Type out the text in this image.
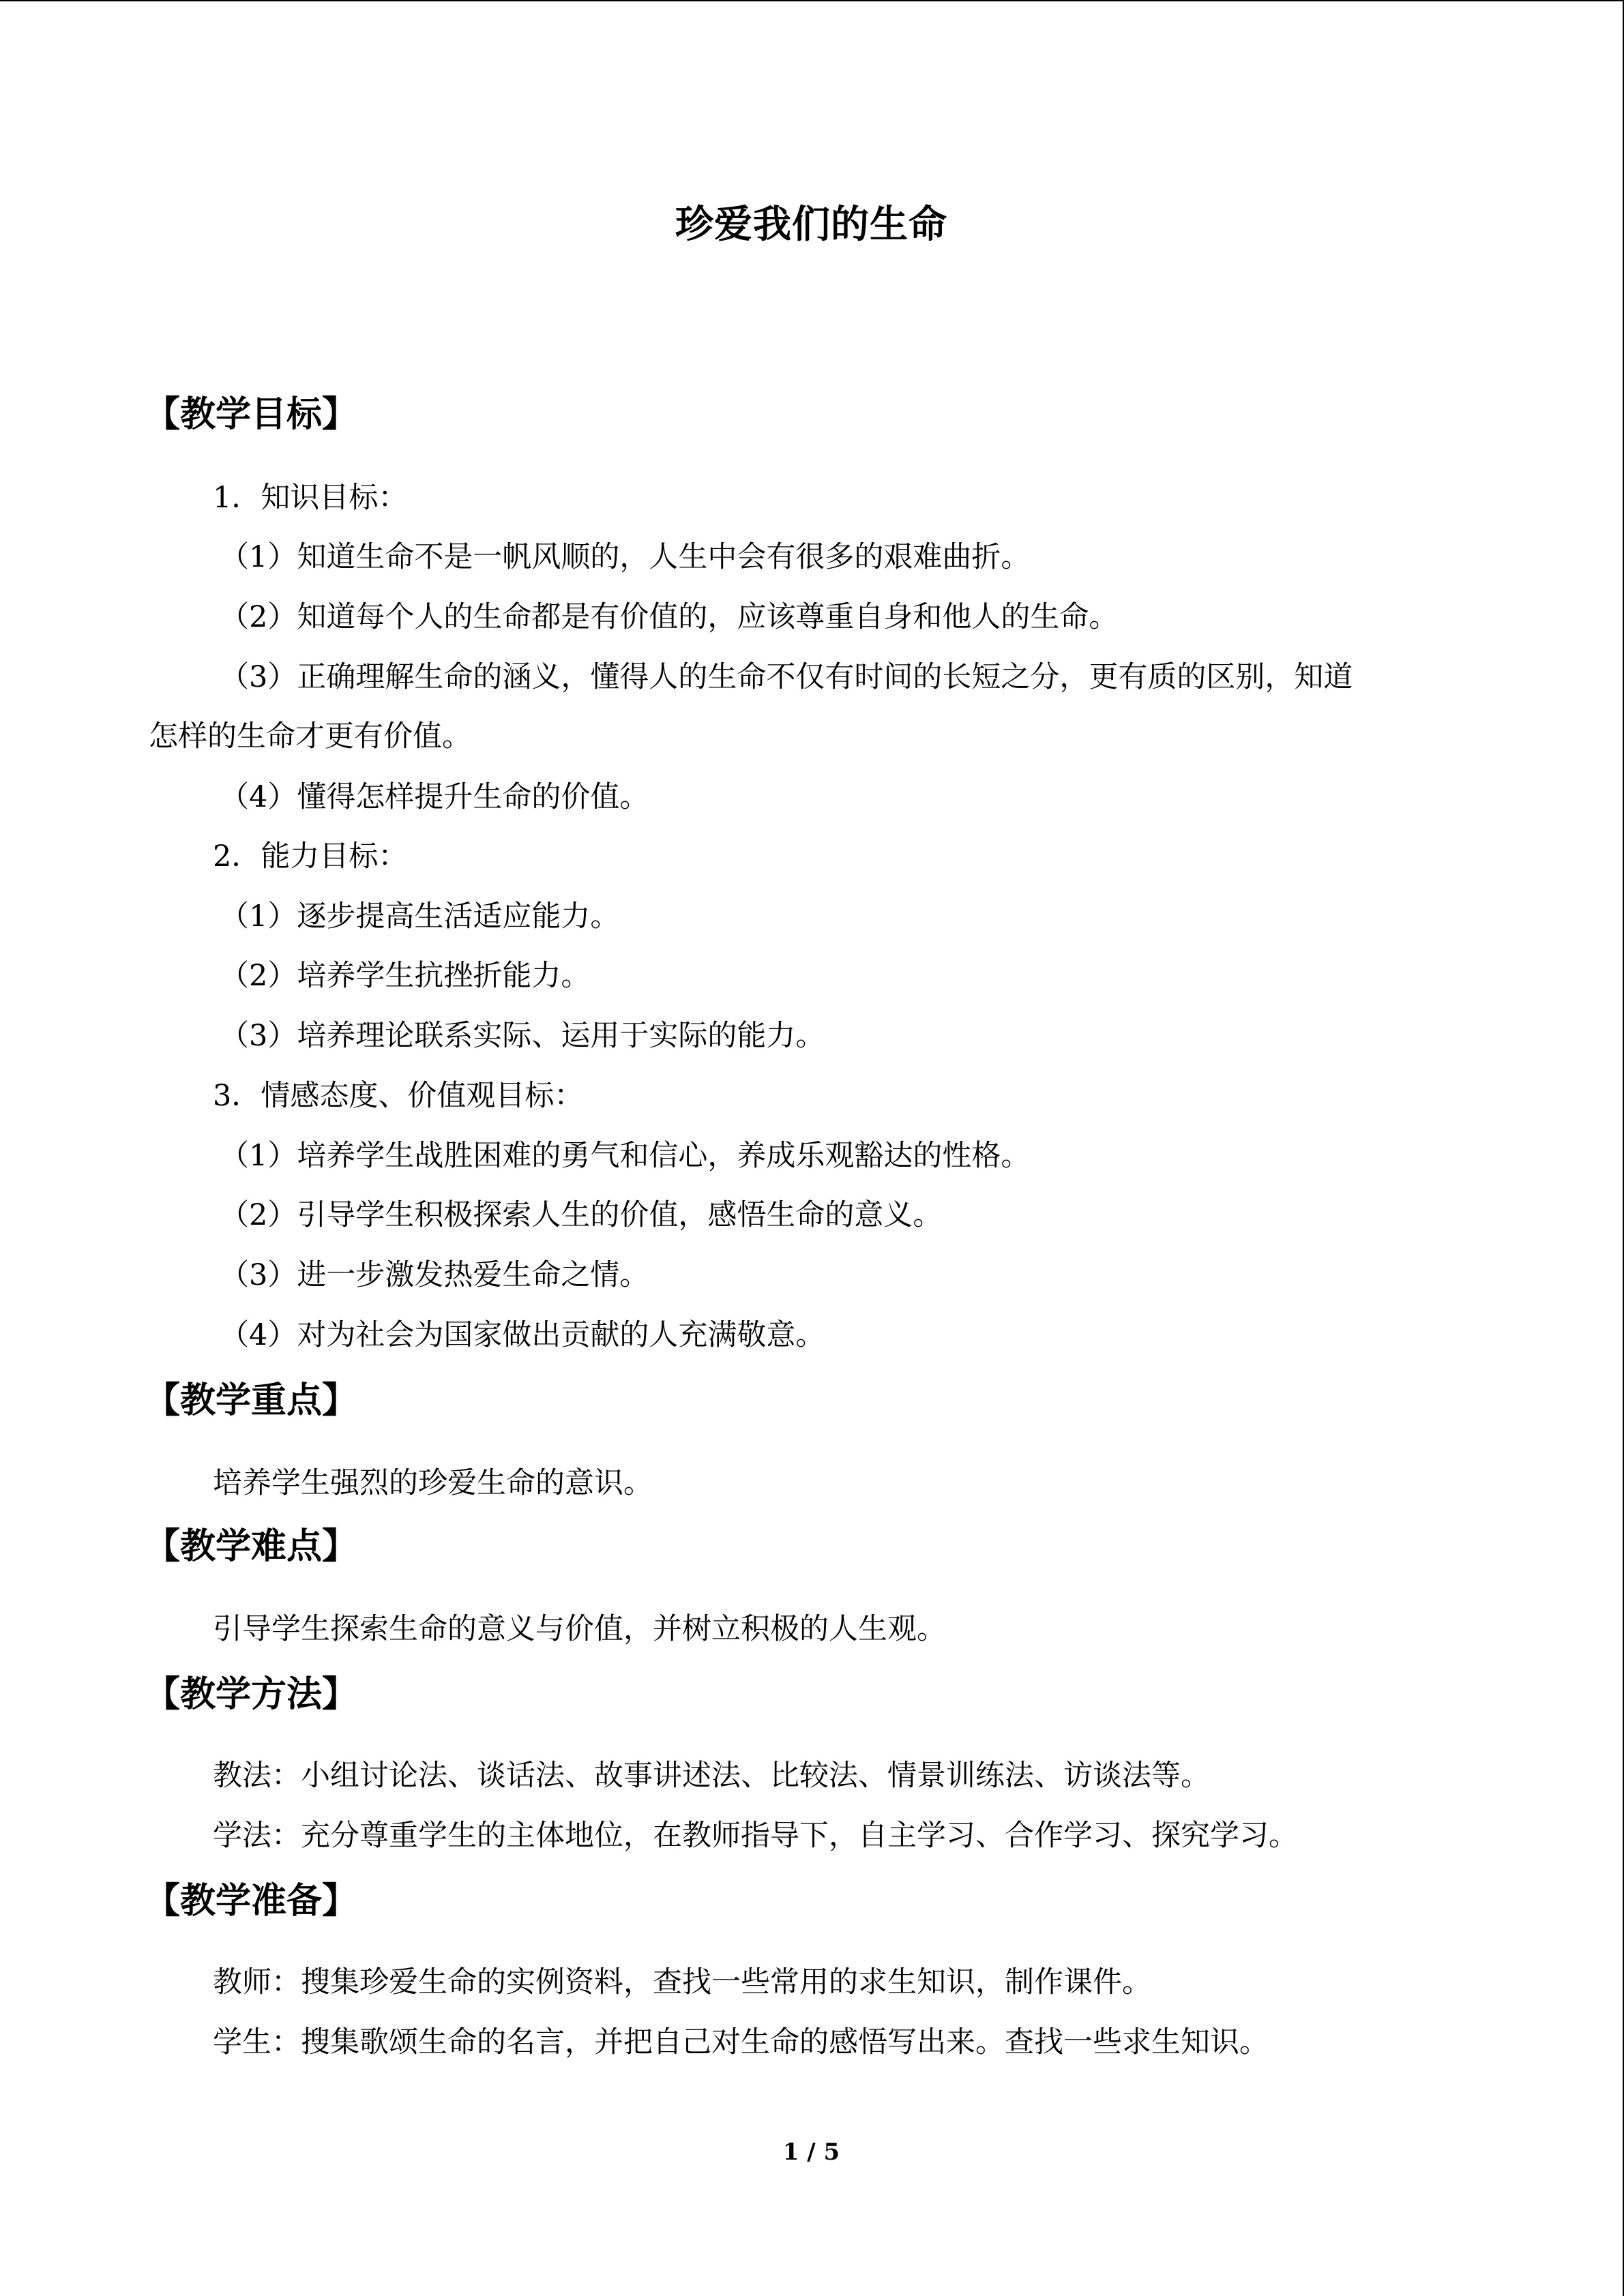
珍爱我们的生命
【教学目标】
1．知识目标：
（1）知道生命不是一帆风顺的，人生中会有很多的艰难曲折。
（2）知道每个人的生命都是有价值的，应该尊重自身和他人的生命。
（3）正确理解生命的涵义，懂得人的生命不仅有时间的长短之分，更有质的区别，知道
怎样的生命才更有价值。
（4）懂得怎样提升生命的价值。
2．能力目标：
（1）逐步提高生活适应能力。
（2）培养学生抗挫折能力。
（3）培养理论联系实际、运用于实际的能力。
3．情感态度、价值观目标：
（1）培养学生战胜困难的勇气和信心，养成乐观豁达的性格。
（2）引导学生积极探索人生的价值，感悟生命的意义。
（3）进一步激发热爱生命之情。
（4）对为社会为国家做出贡献的人充满敬意。
【教学重点】
培养学生强烈的珍爱生命的意识。
【教学难点】
引导学生探索生命的意义与价值，并树立积极的人生观。
【教学方法】
教法：小组讨论法、谈话法、故事讲述法、比较法、情景训练法、访谈法等。
学法：充分尊重学生的主体地位，在教师指导下，自主学习、合作学习、探究学习。
【教学准备】
教师：搜集珍爱生命的实例资料，查找一些常用的求生知识，制作课件。
学生：搜集歌颂生命的名言，并把自己对生命的感悟写出来。查找一些求生知识。
1 / 5
